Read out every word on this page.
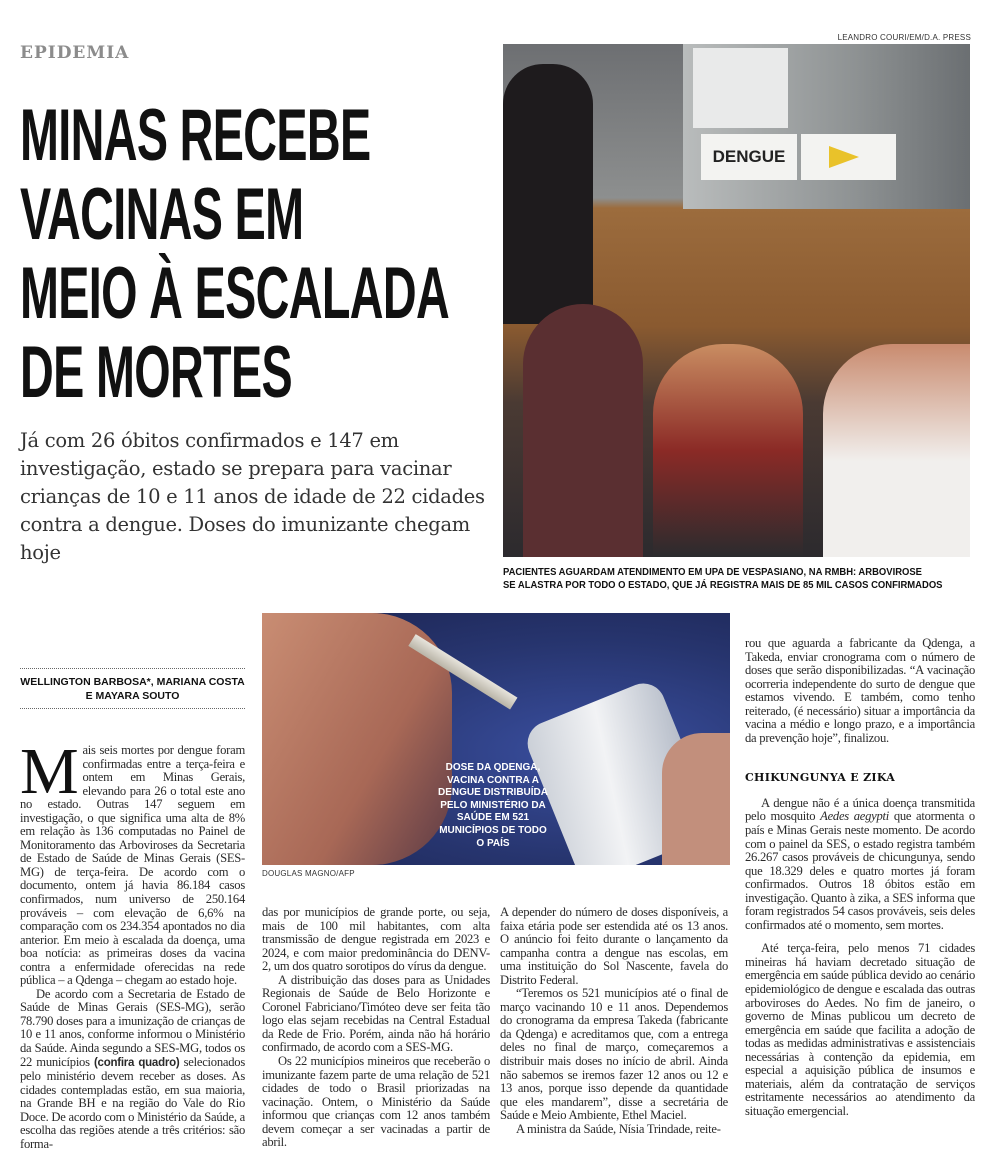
EPIDEMIA
MINAS RECEBE
VACINAS EM
MEIO À ESCALADA
DE MORTES

Já com 26 óbitos confirmados e 147 em investigação, estado se prepara para vacinar crianças de 10 e 11 anos de idade de 22 cidades contra a dengue. Doses do imunizante chegam hoje

LEANDRO COURI/EM/D.A. PRESS
DENGUE
PACIENTES AGUARDAM ATENDIMENTO EM UPA DE VESPASIANO, NA RMBH: ARBOVIROSE
SE ALASTRA POR TODO O ESTADO, QUE JÁ REGISTRA MAIS DE 85 MIL CASOS CONFIRMADOS
DOSE DA QDENGA, VACINA CONTRA A DENGUE DISTRIBUÍDA PELO MINISTÉRIO DA SAÚDE EM 521 MUNICÍPIOS DE TODO O PAÍS
DOUGLAS MAGNO/AFP
WELLINGTON BARBOSA*, MARIANA COSTA E MAYARA SOUTO

Mais seis mortes por dengue foram confirmadas entre a terça-feira e ontem em Minas Gerais, elevando para 26 o total este ano no estado. Outras 147 seguem em investigação, o que significa uma alta de 8% em relação às 136 computadas no Painel de Monitoramento das Arboviroses da Secretaria de Estado de Saúde de Minas Gerais (SES-MG) de terça-feira. De acordo com o documento, ontem já havia 86.184 casos confirmados, num universo de 250.164 prováveis – com elevação de 6,6% na comparação com os 234.354 apontados no dia anterior. Em meio à escalada da doença, uma boa notícia: as primeiras doses da vacina contra a enfermidade oferecidas na rede pública – a Qdenga – chegam ao estado hoje.

De acordo com a Secretaria de Estado de Saúde de Minas Gerais (SES-MG), serão 78.790 doses para a imunização de crianças de 10 e 11 anos, conforme informou o Ministério da Saúde. Ainda segundo a SES-MG, todos os 22 municípios (confira quadro) selecionados pelo ministério devem receber as doses. As cidades contempladas estão, em sua maioria, na Grande BH e na região do Vale do Rio Doce. De acordo com o Ministério da Saúde, a escolha das regiões atende a três critérios: são forma-

das por municípios de grande porte, ou seja, mais de 100 mil habitantes, com alta transmissão de dengue registrada em 2023 e 2024, e com maior predominância do DENV-2, um dos quatro sorotipos do vírus da dengue.

A distribuição das doses para as Unidades Regionais de Saúde de Belo Horizonte e Coronel Fabriciano/Timóteo deve ser feita tão logo elas sejam recebidas na Central Estadual da Rede de Frio. Porém, ainda não há horário confirmado, de acordo com a SES-MG.

Os 22 municípios mineiros que receberão o imunizante fazem parte de uma relação de 521 cidades de todo o Brasil priorizadas na vacinação. Ontem, o Ministério da Saúde informou que crianças com 12 anos também devem começar a ser vacinadas a partir de abril.

A depender do número de doses disponíveis, a faixa etária pode ser estendida até os 13 anos. O anúncio foi feito durante o lançamento da campanha contra a dengue nas escolas, em uma instituição do Sol Nascente, favela do Distrito Federal.

“Teremos os 521 municípios até o final de março vacinando 10 e 11 anos. Dependemos do cronograma da empresa Takeda (fabricante da Qdenga) e acreditamos que, com a entrega deles no final de março, começaremos a distribuir mais doses no início de abril. Ainda não sabemos se iremos fazer 12 anos ou 12 e 13 anos, porque isso depende da quantidade que eles mandarem”, disse a secretária de Saúde e Meio Ambiente, Ethel Maciel.

A ministra da Saúde, Nísia Trindade, reite-

rou que aguarda a fabricante da Qdenga, a Takeda, enviar cronograma com o número de doses que serão disponibilizadas. “A vacinação ocorreria independente do surto de dengue que estamos vivendo. E também, como tenho reiterado, (é necessário) situar a importância da vacina a médio e longo prazo, e a importância da prevenção hoje”, finalizou.

CHIKUNGUNYA E ZIKA

A dengue não é a única doença transmitida pelo mosquito Aedes aegypti que atormenta o país e Minas Gerais neste momento. De acordo com o painel da SES, o estado registra também 26.267 casos prováveis de chicungunya, sendo que 18.329 deles e quatro mortes já foram confirmados. Outros 18 óbitos estão em investigação. Quanto à zika, a SES informa que foram registrados 54 casos prováveis, seis deles confirmados até o momento, sem mortes.

Até terça-feira, pelo menos 71 cidades mineiras há haviam decretado situação de emergência em saúde pública devido ao cenário epidemiológico de dengue e escalada das outras arboviroses do Aedes. No fim de janeiro, o governo de Minas publicou um decreto de emergência em saúde que facilita a adoção de todas as medidas administrativas e assistenciais necessárias à contenção da epidemia, em especial a aquisição pública de insumos e materiais, além da contratação de serviços estritamente necessários ao atendimento da situação emergencial.
